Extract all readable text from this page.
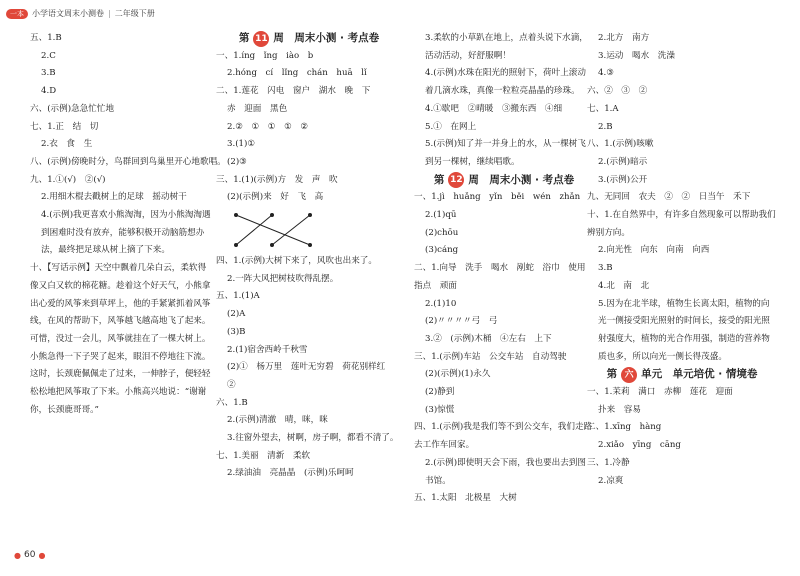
一本	小学语文周末小测卷 | 二年级下册
五、1.B
2.C
3.B
4.D
六、(示例)急急忙忙地
七、1.正　结　切
2.衣　食　生
八、(示例)傍晚时分，鸟群回到鸟巢里开心地歌唱。
九、1.①(√)　②(√)
2.用细木棍去戳树上的足球　摇动树干
4.(示例)我更喜欢小熊淘淘，因为小熊淘淘遇到困难时没有放弃，能够积极开动脑筋想办法，最终把足球从树上摘了下来。
十、【写话示例】天空中飘着几朵白云，柔软得像又白又软的棉花糖。趁着这个好天气，小熊拿出心爱的风筝来到草坪上，他的手紧紧抓着风筝线，在风的帮助下，风筝越飞越高地飞了起来。可惜，没过一会儿，风筝就挂在了一棵大树上。小熊急得一下子哭了起来，眼泪不停地往下流。这时，长颈鹿佩佩走了过来，一伸脖子，便轻轻松松地把风筝取了下来。小熊高兴地说：“谢谢你，长颈鹿哥哥。”
第 11 周　周末小测 · 考点卷
一、1.íng　ǐng　iào　b
2.hóng　cí　lǐng　chán　huā　lǐ
二、1.莲花　闪电　窗户　湖水　晚　下
赤　迎面　黑色
2.②　①　①　①　②
3.(1)①
(2)③
三、1.(1)(示例)方　发　声　吹
(2)(示例)来　好　飞　高
四、1.(示例)大树下来了，风吹也出来了。
2.一阵大风把树枝吹得乱摆。
五、1.(1)A
(2)A
(3)B
2.(1)宿舍西岭千秋雪
(2)①　杨万里　莲叶无穷碧　荷花别样红　②
六、1.B
2.(示例)清澈　晴，咪，咪
3.往窗外望去，树啊，房子啊，都看不清了。
七、1.美丽　清新　柔软
2.绿油油　亮晶晶　(示例)乐呵呵
3.柔软的小草趴在地上，点着头说下水滴，活动活动，好舒服啊！
4.(示例)水珠在阳光的照射下，荷叶上滚动着几滴水珠，真像一粒粒亮晶晶的珍珠。
4.①歇吧　②晴暖　③搬东西　④细
5.①　在网上
5.(示例)知了并一并身上的水，从一棵树飞到另一棵树，继续唱歌。
第 12 周　周末小测 · 考点卷
一、1.jì　huǎng　yǐn　běi　wén　zhǎn
2.(1)qū
(2)chōu
(3)cáng
二、1.向导　洗手　喝水　剐蛇　浴巾　使用　指点　顽面
2.(1)10
(2)〃〃〃〃弓　弓
3.②　(示例)木桶　④左右　上下
三、1.(示例)车站　公交车站　自动驾驶
(2)(示例)(1)永久
(2)静到
(3)惊慌
四、1.(示例)我是我们等不到公交车，我们走路去工作车回家。
2.(示例)即使明天会下雨，我也要出去到图书馆。
五、1.太阳　北极星　大树
2.北方　南方
3.运动　喝水　洗澡
4.③
六、②　③　②
七、1.A
2.B
八、1.(示例)咳嗽
2.(示例)暗示
3.(示例)公开
九、无同回　农夫　②　②　日当午　禾下
十、1.在自然界中，有许多自然现象可以帮助我们辨别方向。
2.向光性　向东　向南　向西
3.B
4.北　南　北
5.因为在北半球，植物生长离太阳，植物的向光一侧接受阳光照射的时间长，接受的阳光照射强度大，植物的光合作用强，制造的营养物质也多，所以向光一侧长得茂盛。
第 六 单元　单元培优 · 情境卷
一、1.茉莉　满口　赤柳　莲花　迎面
扑来　容易
二、1.xīng　hàng
2.xiǎo　yīng　cāng
三、1.冷静
2.凉爽
● 60 ●
